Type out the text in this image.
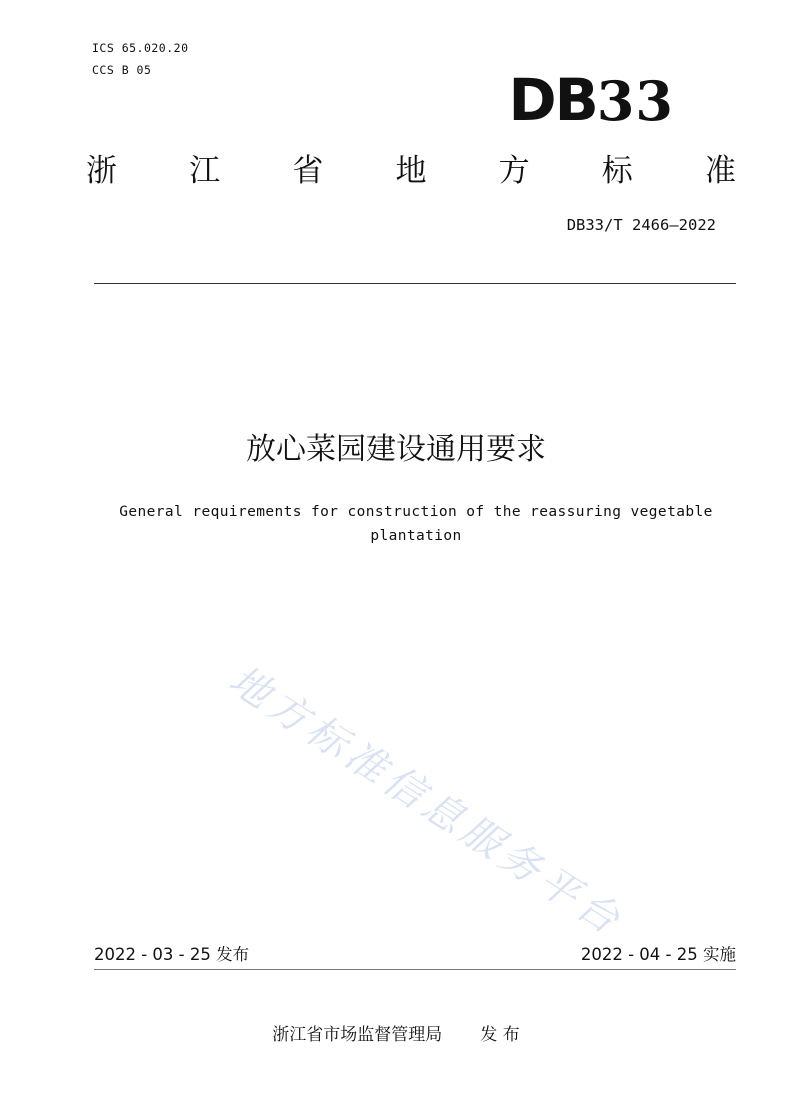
ICS 65.020.20
CCS B 05	DB33
浙 江 省 地 方 标 准
DB33/T 2466—2022
放心菜园建设通用要求
General requirements for construction of the reassuring vegetable plantation
地方标准信息服务平台
2022 - 03 - 25 发布	2022 - 04 - 25 实施
浙江省市场监督管理局 发 布
